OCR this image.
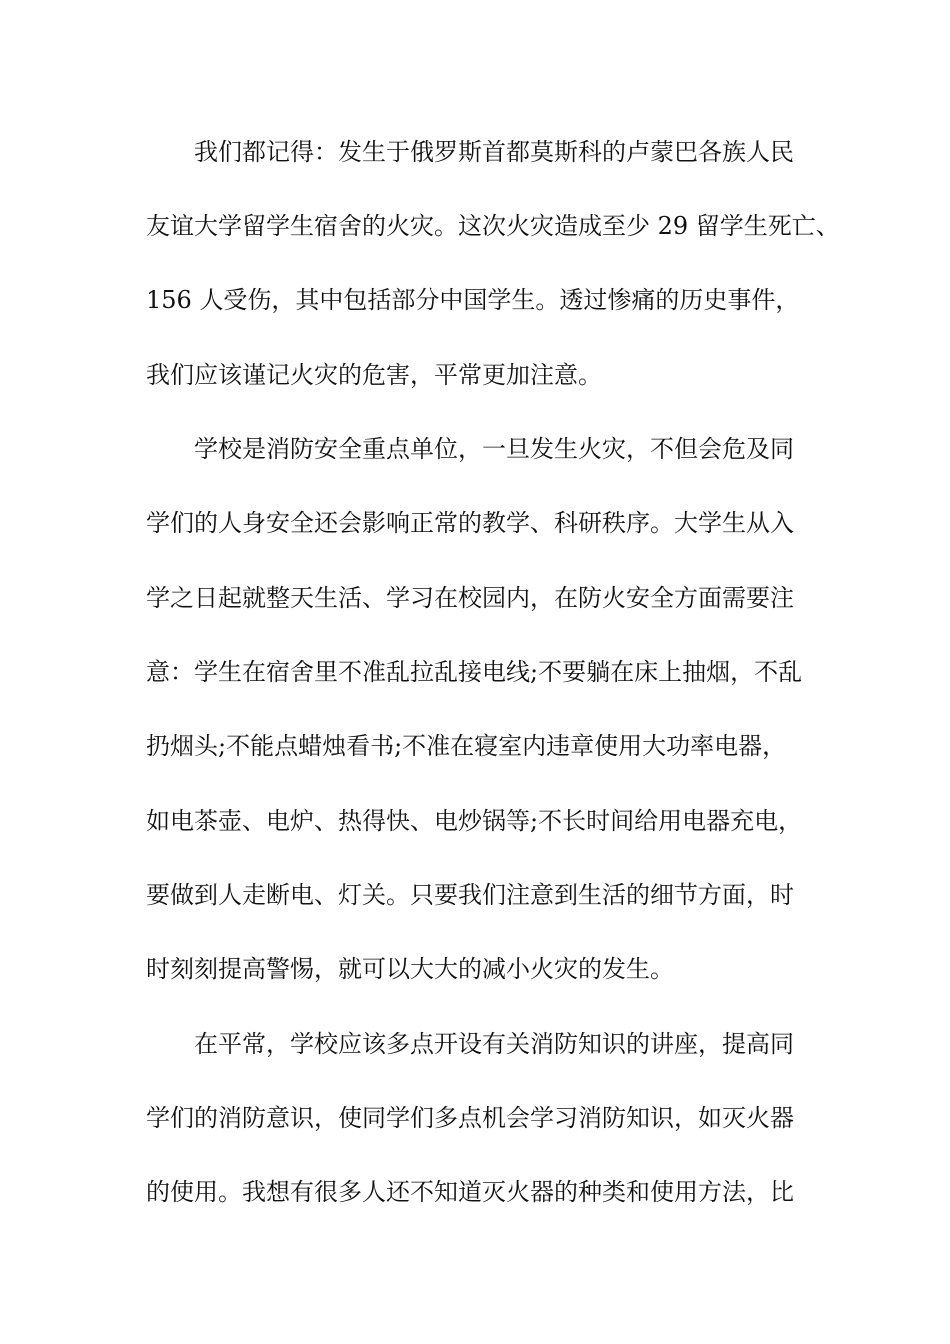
我们都记得：发生于俄罗斯首都莫斯科的卢蒙巴各族人民
友谊大学留学生宿舍的火灾。这次火灾造成至少 29 留学生死亡、
156 人受伤，其中包括部分中国学生。透过惨痛的历史事件，
我们应该谨记火灾的危害，平常更加注意。
学校是消防安全重点单位，一旦发生火灾，不但会危及同
学们的人身安全还会影响正常的教学、科研秩序。大学生从入
学之日起就整天生活、学习在校园内，在防火安全方面需要注
意：学生在宿舍里不准乱拉乱接电线;不要躺在床上抽烟，不乱
扔烟头;不能点蜡烛看书;不准在寝室内违章使用大功率电器，
如电茶壶、电炉、热得快、电炒锅等;不长时间给用电器充电，
要做到人走断电、灯关。只要我们注意到生活的细节方面，时
时刻刻提高警惕，就可以大大的减小火灾的发生。
在平常，学校应该多点开设有关消防知识的讲座，提高同
学们的消防意识，使同学们多点机会学习消防知识，如灭火器
的使用。我想有很多人还不知道灭火器的种类和使用方法，比
